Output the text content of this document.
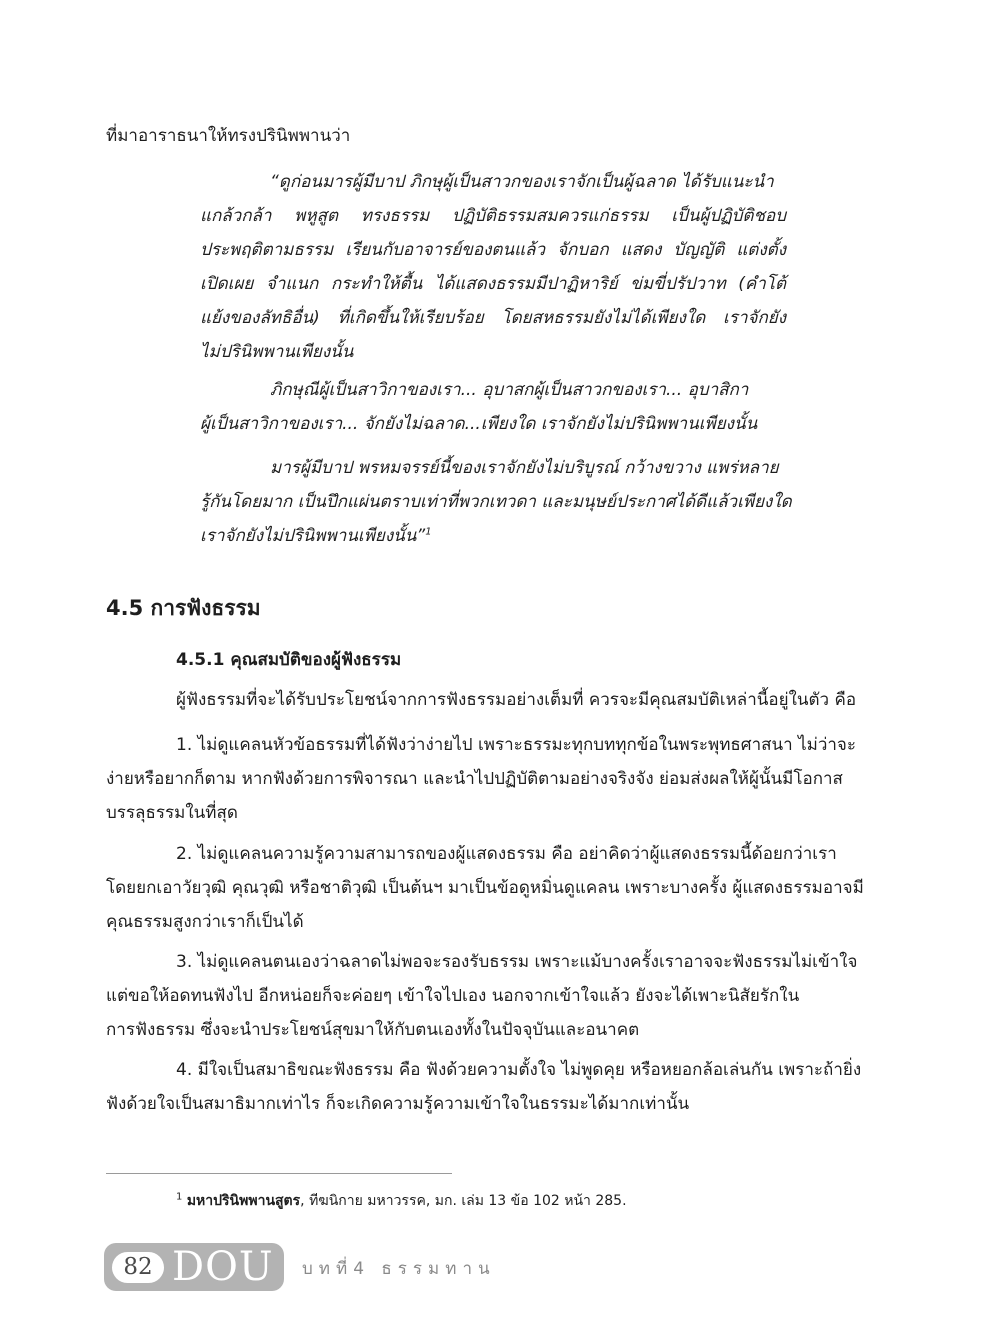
ที่มาอาราธนาให้ทรงปรินิพพานว่า
“ดูก่อนมารผู้มีบาป ภิกษุผู้เป็นสาวกของเราจักเป็นผู้ฉลาด ได้รับแนะนำ
แกล้วกล้า พหูสูต ทรงธรรม ปฏิบัติธรรมสมควรแก่ธรรม เป็นผู้ปฏิบัติชอบ
ประพฤติตามธรรม เรียนกับอาจารย์ของตนแล้ว จักบอก แสดง บัญญัติ แต่งตั้ง
เปิดเผย จำแนก กระทำให้ตื้น ได้แสดงธรรมมีปาฏิหาริย์ ข่มขี่ปรัปวาท (คำโต้
แย้งของลัทธิอื่น) ที่เกิดขึ้นให้เรียบร้อย โดยสหธรรมยังไม่ได้เพียงใด เราจักยัง
ไม่ปรินิพพานเพียงนั้น
ภิกษุณีผู้เป็นสาวิกาของเรา... อุบาสกผู้เป็นสาวกของเรา... อุบาสิกา
ผู้เป็นสาวิกาของเรา... จักยังไม่ฉลาด...เพียงใด เราจักยังไม่ปรินิพพานเพียงนั้น
มารผู้มีบาป พรหมจรรย์นี้ของเราจักยังไม่บริบูรณ์ กว้างขวาง แพร่หลาย
รู้กันโดยมาก เป็นปึกแผ่นตราบเท่าที่พวกเทวดา และมนุษย์ประกาศได้ดีแล้วเพียงใด
เราจักยังไม่ปรินิพพานเพียงนั้น”$^1$
4.5 การฟังธรรม
4.5.1 คุณสมบัติของผู้ฟังธรรม
ผู้ฟังธรรมที่จะได้รับประโยชน์จากการฟังธรรมอย่างเต็มที่ ควรจะมีคุณสมบัติเหล่านี้อยู่ในตัว คือ
1. ไม่ดูแคลนหัวข้อธรรมที่ได้ฟังว่าง่ายไป เพราะธรรมะทุกบททุกข้อในพระพุทธศาสนา ไม่ว่าจะ
ง่ายหรือยากก็ตาม หากฟังด้วยการพิจารณา และนำไปปฏิบัติตามอย่างจริงจัง ย่อมส่งผลให้ผู้นั้นมีโอกาส
บรรลุธรรมในที่สุด
2. ไม่ดูแคลนความรู้ความสามารถของผู้แสดงธรรม คือ อย่าคิดว่าผู้แสดงธรรมนี้ด้อยกว่าเรา
โดยยกเอาวัยวุฒิ คุณวุฒิ หรือชาติวุฒิ เป็นต้นฯ มาเป็นข้อดูหมิ่นดูแคลน เพราะบางครั้ง ผู้แสดงธรรมอาจมี
คุณธรรมสูงกว่าเราก็เป็นได้
3. ไม่ดูแคลนตนเองว่าฉลาดไม่พอจะรองรับธรรม เพราะแม้บางครั้งเราอาจจะฟังธรรมไม่เข้าใจ
แต่ขอให้อดทนฟังไป อีกหน่อยก็จะค่อยๆ เข้าใจไปเอง นอกจากเข้าใจแล้ว ยังจะได้เพาะนิสัยรักใน
การฟังธรรม ซึ่งจะนำประโยชน์สุขมาให้กับตนเองทั้งในปัจจุบันและอนาคต
4. มีใจเป็นสมาธิขณะฟังธรรม คือ ฟังด้วยความตั้งใจ ไม่พูดคุย หรือหยอกล้อเล่นกัน เพราะถ้ายิ่ง
ฟังด้วยใจเป็นสมาธิมากเท่าไร ก็จะเกิดความรู้ความเข้าใจในธรรมะได้มากเท่านั้น
$^1$ มหาปรินิพพานสูตร, ทีฆนิกาย มหาวรรค, มก. เล่ม 13 ข้อ 102 หน้า 285.
82 DOU บทที่4 ธรรมทาน
